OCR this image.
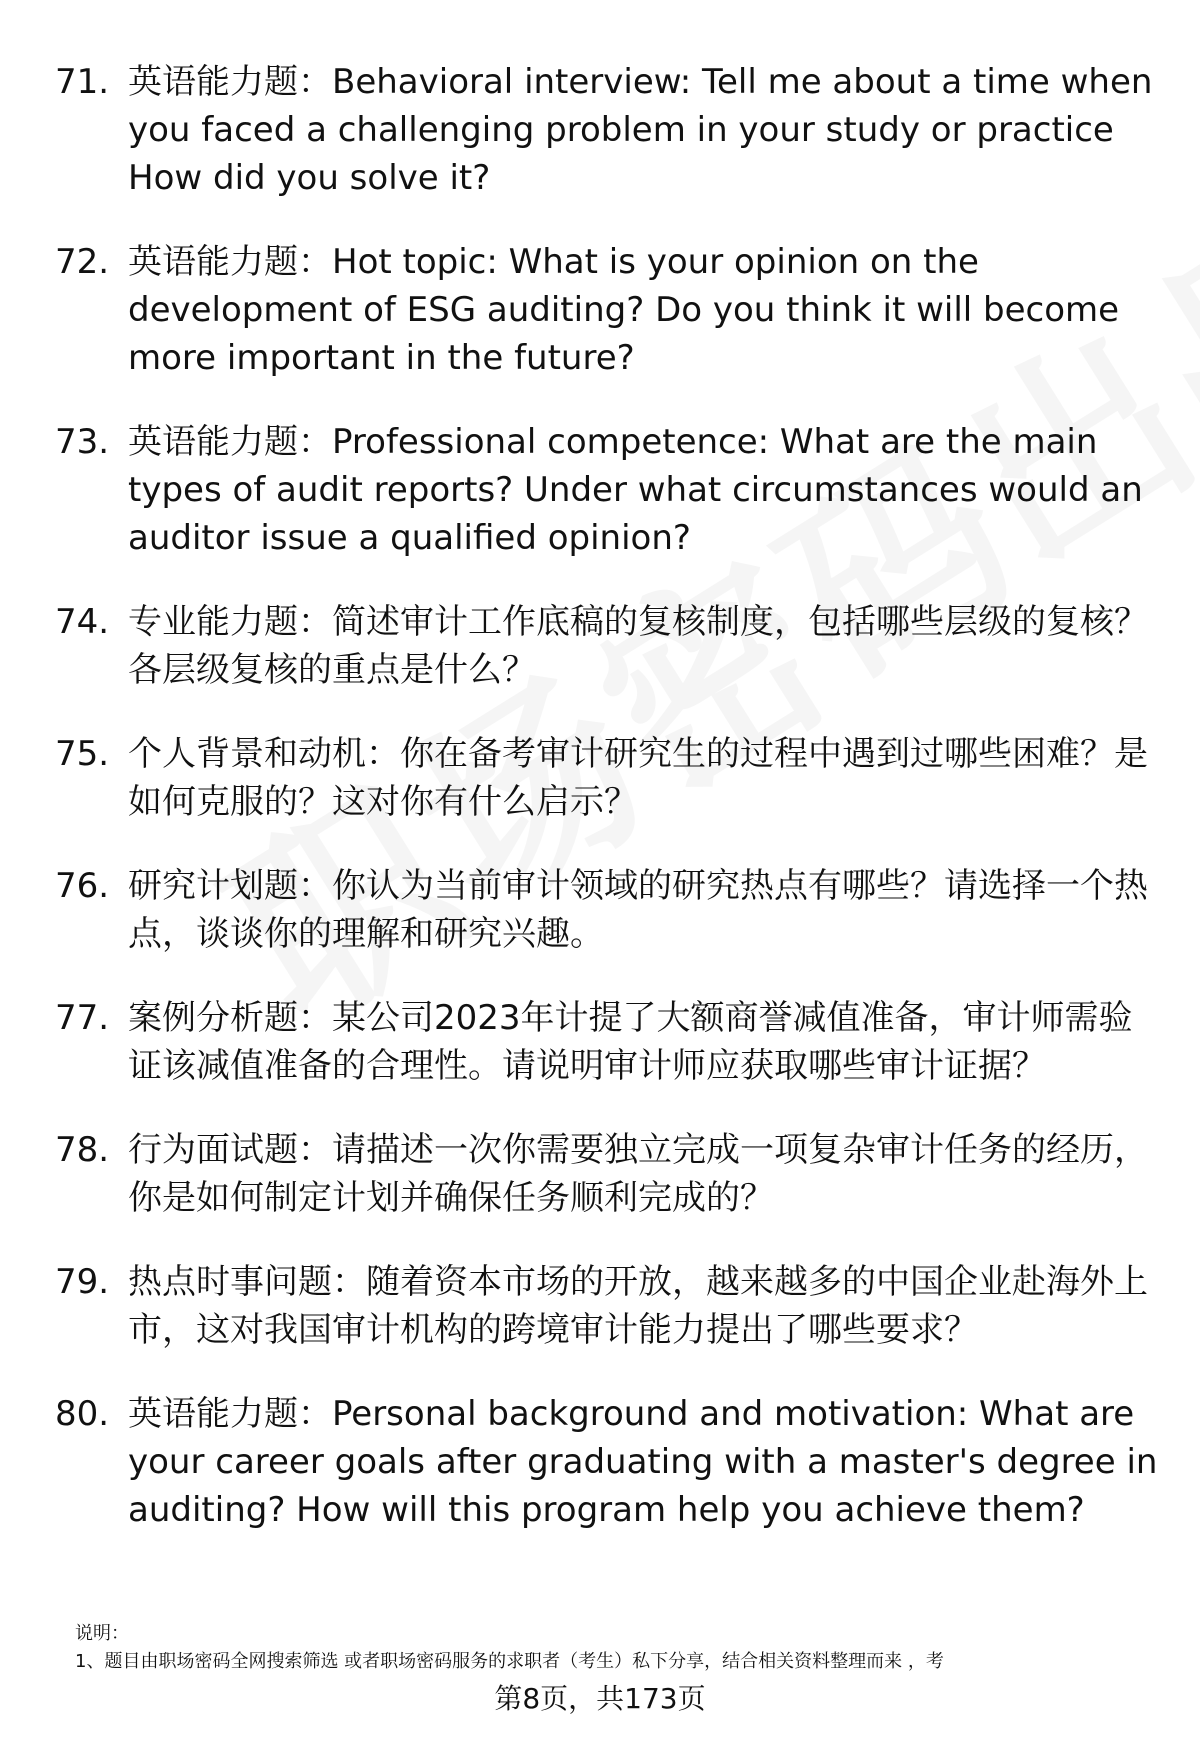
71. 英语能力题：Behavioral interview: Tell me about a time when you faced a challenging problem in your study or practice How did you solve it?
72. 英语能力题：Hot topic: What is your opinion on the development of ESG auditing? Do you think it will become more important in the future?
73. 英语能力题：Professional competence: What are the main types of audit reports? Under what circumstances would an auditor issue a qualified opinion?
74. 专业能力题：简述审计工作底稿的复核制度，包括哪些层级的复核？各层级复核的重点是什么？
75. 个人背景和动机：你在备考审计研究生的过程中遇到过哪些困难？是如何克服的？这对你有什么启示？
76. 研究计划题：你认为当前审计领域的研究热点有哪些？请选择一个热点，谈谈你的理解和研究兴趣。
77. 案例分析题：某公司2023年计提了大额商誉减值准备，审计师需验证该减值准备的合理性。请说明审计师应获取哪些审计证据？
78. 行为面试题：请描述一次你需要独立完成一项复杂审计任务的经历，你是如何制定计划并确保任务顺利完成的？
79. 热点时事问题：随着资本市场的开放，越来越多的中国企业赴海外上市，这对我国审计机构的跨境审计能力提出了哪些要求？
80. 英语能力题：Personal background and motivation: What are your career goals after graduating with a master's degree in auditing? How will this program help you achieve them?
说明：
1、题目由职场密码全网搜索筛选 或者职场密码服务的求职者（考生）私下分享，结合相关资料整理而来 ，考
第8页，共173页
